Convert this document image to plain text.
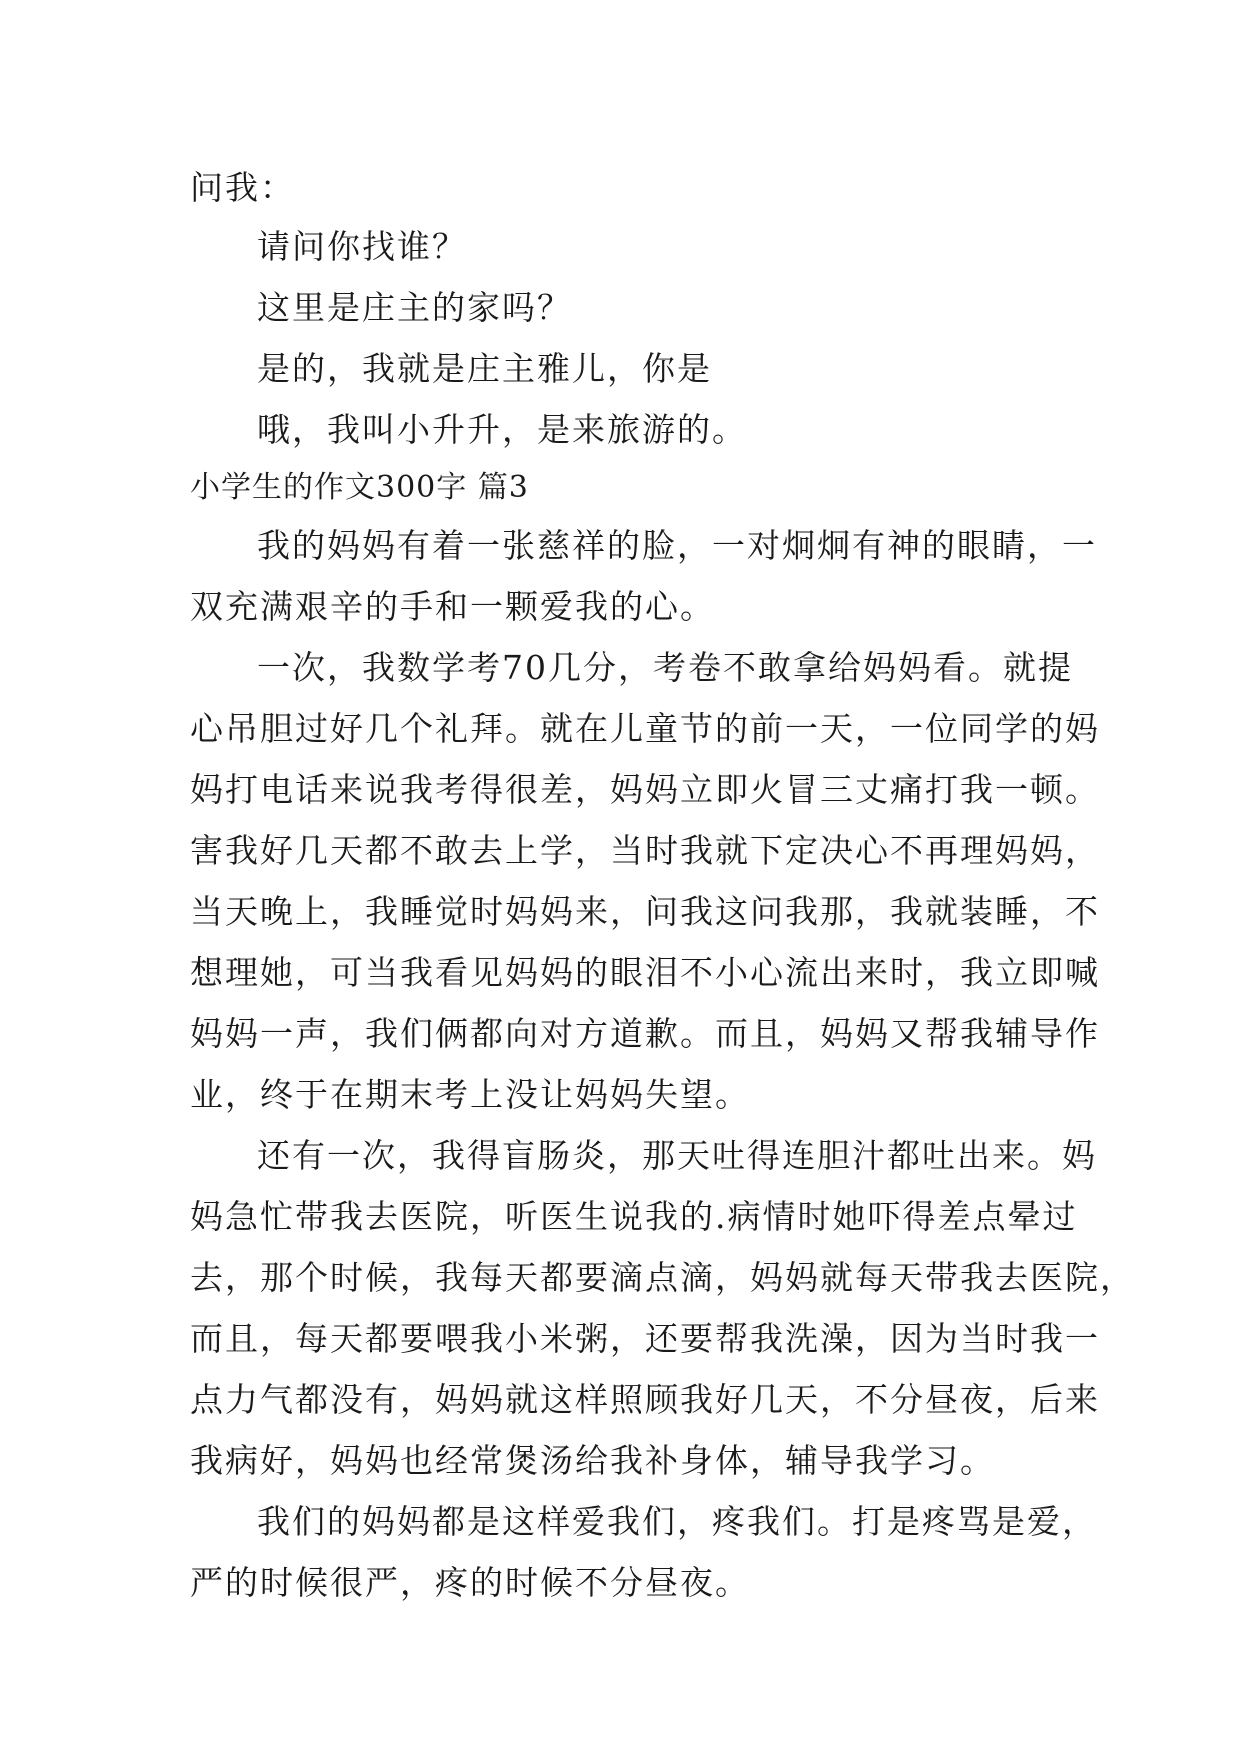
问我：
请问你找谁？
这里是庄主的家吗？
是的，我就是庄主雅儿，你是
哦，我叫小升升，是来旅游的。
小学生的作文300字 篇3
我的妈妈有着一张慈祥的脸，一对炯炯有神的眼睛，一
双充满艰辛的手和一颗爱我的心。
一次，我数学考70几分，考卷不敢拿给妈妈看。就提
心吊胆过好几个礼拜。就在儿童节的前一天，一位同学的妈
妈打电话来说我考得很差，妈妈立即火冒三丈痛打我一顿。
害我好几天都不敢去上学，当时我就下定决心不再理妈妈，
当天晚上，我睡觉时妈妈来，问我这问我那，我就装睡，不
想理她，可当我看见妈妈的眼泪不小心流出来时，我立即喊
妈妈一声，我们俩都向对方道歉。而且，妈妈又帮我辅导作
业，终于在期末考上没让妈妈失望。
还有一次，我得盲肠炎，那天吐得连胆汁都吐出来。妈
妈急忙带我去医院，听医生说我的.病情时她吓得差点晕过
去，那个时候，我每天都要滴点滴，妈妈就每天带我去医院，
而且，每天都要喂我小米粥，还要帮我洗澡，因为当时我一
点力气都没有，妈妈就这样照顾我好几天，不分昼夜，后来
我病好，妈妈也经常煲汤给我补身体，辅导我学习。
我们的妈妈都是这样爱我们，疼我们。打是疼骂是爱，
严的时候很严，疼的时候不分昼夜。
